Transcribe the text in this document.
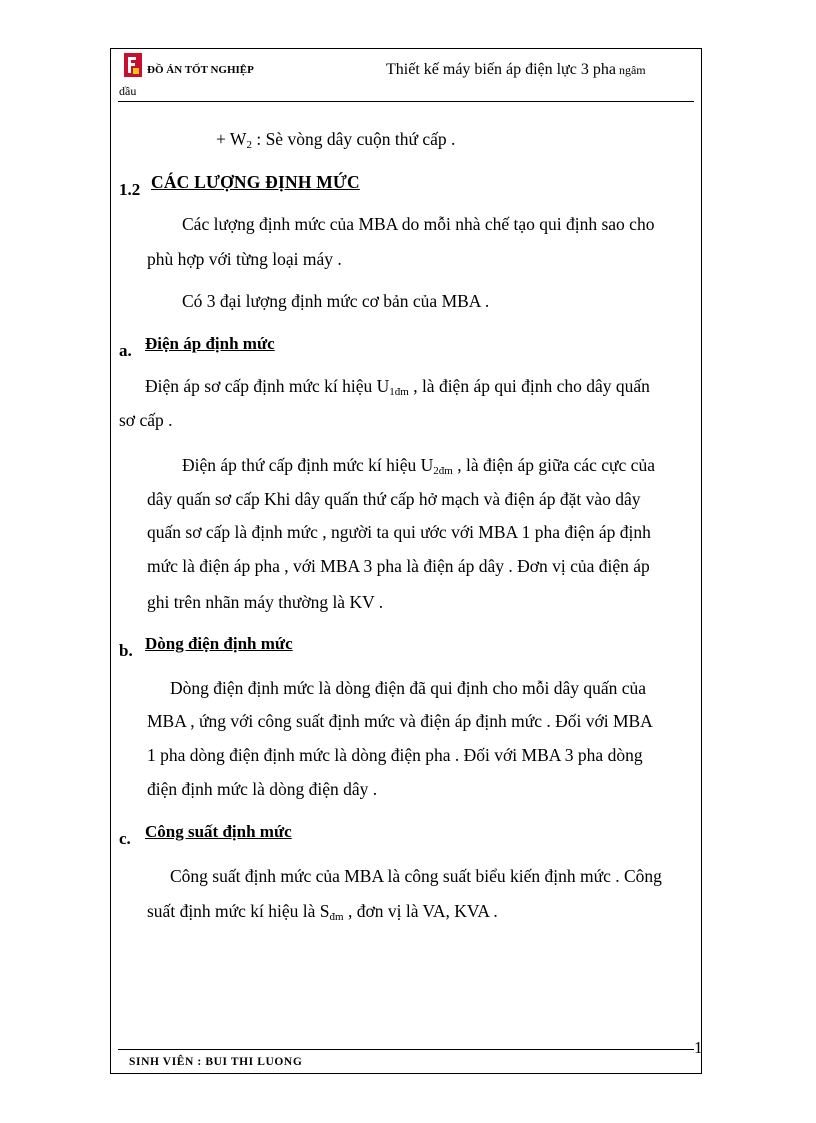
ĐỒ ÁN TỐT NGHIỆP	Thiết kế máy biến áp điện lực 3 pha ngâm
dầu
+ $W_2$ : Sè vòng dây cuộn thứ cấp .
1.2 CÁC LƯỢNG ĐỊNH MỨC
Các lượng định mức của MBA do mỗi nhà chế tạo qui định sao cho
phù hợp với từng loại máy .
Có 3 đại lượng định mức cơ bản của MBA .
a. Điện áp định mức
Điện áp sơ cấp định mức kí hiệu $U_{1đm}$ , là điện áp qui định cho dây quấn
sơ cấp .
Điện áp thứ cấp định mức kí hiệu $U_{2đm}$ , là điện áp giữa các cực của
dây quấn sơ cấp Khi dây quấn thứ cấp hở mạch và điện áp đặt vào dây
quấn sơ cấp là định mức , người ta qui ước với MBA 1 pha điện áp định
mức là điện áp pha , với MBA 3 pha là điện áp dây . Đơn vị của điện áp
ghi trên nhãn máy thường là KV .
b. Dòng điện định mức
Dòng điện định mức là dòng điện đã qui định cho mỗi dây quấn của
MBA , ứng với công suất định mức và điện áp định mức . Đối với MBA
1 pha dòng điện định mức là dòng điện pha . Đối với MBA 3 pha dòng
điện định mức là dòng điện dây .
c. Công suất định mức
Công suất định mức của MBA là công suất biểu kiến định mức . Công
suất định mức kí hiệu là $S_{đm}$ , đơn vị là VA, KVA .
1
SINH VIÊN : BUI THI LUONG
